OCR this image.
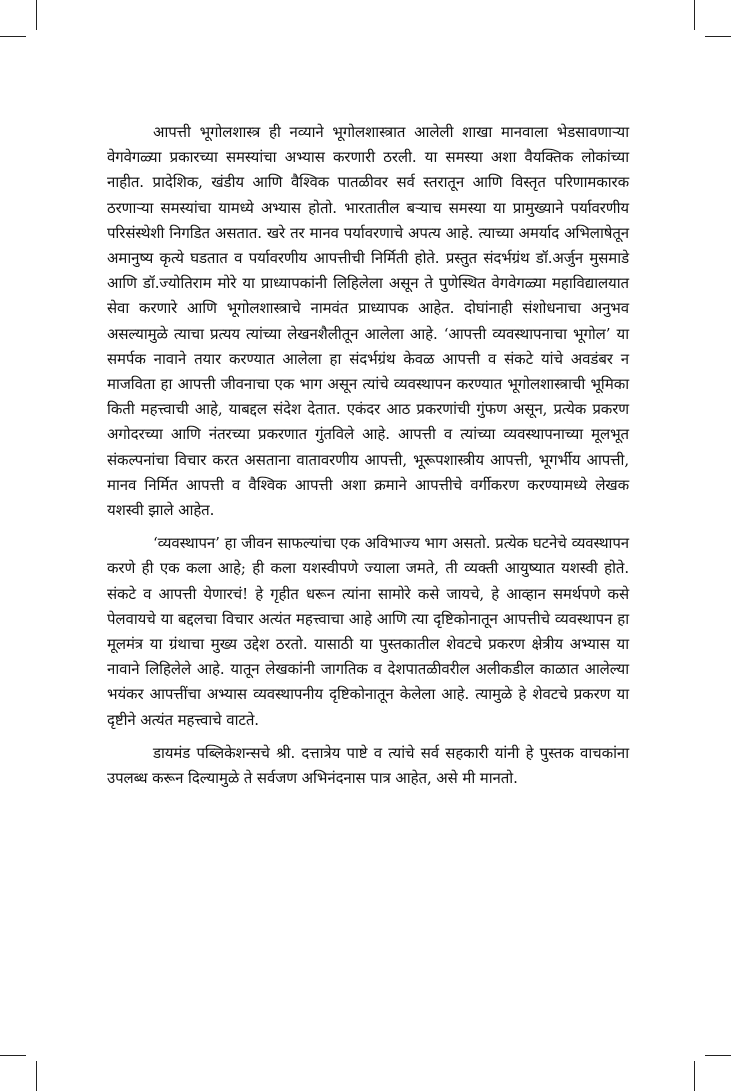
आपत्ती भूगोलशास्त्र ही नव्याने भूगोलशास्त्रात आलेली शाखा मानवाला भेडसावणाऱ्या वेगवेगळ्या प्रकारच्या समस्यांचा अभ्यास करणारी ठरली. या समस्या अशा वैयक्तिक लोकांच्या नाहीत. प्रादेशिक, खंडीय आणि वैश्विक पातळीवर सर्व स्तरातून आणि विस्तृत परिणामकारक ठरणाऱ्या समस्यांचा यामध्ये अभ्यास होतो. भारतातील बऱ्याच समस्या या प्रामुख्याने पर्यावरणीय परिसंस्थेशी निगडित असतात. खरे तर मानव पर्यावरणाचे अपत्य आहे. त्याच्या अमर्याद अभिलाषेतून अमानुष्य कृत्ये घडतात व पर्यावरणीय आपत्तीची निर्मिती होते. प्रस्तुत संदर्भग्रंथ डॉ.अर्जुन मुसमाडे आणि डॉ.ज्योतिराम मोरे या प्राध्यापकांनी लिहिलेला असून ते पुणेस्थित वेगवेगळ्या महाविद्यालयात सेवा करणारे आणि भूगोलशास्त्राचे नामवंत प्राध्यापक आहेत. दोघांनाही संशोधनाचा अनुभव असल्यामुळे त्याचा प्रत्यय त्यांच्या लेखनशैलीतून आलेला आहे. ‘आपत्ती व्यवस्थापनाचा भूगोल’ या समर्पक नावाने तयार करण्यात आलेला हा संदर्भग्रंथ केवळ आपत्ती व संकटे यांचे अवडंबर न माजविता हा आपत्ती जीवनाचा एक भाग असून त्यांचे व्यवस्थापन करण्यात भूगोलशास्त्राची भूमिका किती महत्त्वाची आहे, याबद्दल संदेश देतात. एकंदर आठ प्रकरणांची गुंफण असून, प्रत्येक प्रकरण अगोदरच्या आणि नंतरच्या प्रकरणात गुंतविले आहे. आपत्ती व त्यांच्या व्यवस्थापनाच्या मूलभूत संकल्पनांचा विचार करत असताना वातावरणीय आपत्ती, भूरूपशास्त्रीय आपत्ती, भूगर्भीय आपत्ती, मानव निर्मित आपत्ती व वैश्विक आपत्ती अशा क्रमाने आपत्तीचे वर्गीकरण करण्यामध्ये लेखक यशस्वी झाले आहेत.

‘व्यवस्थापन’ हा जीवन साफल्यांचा एक अविभाज्य भाग असतो. प्रत्येक घटनेचे व्यवस्थापन करणे ही एक कला आहे; ही कला यशस्वीपणे ज्याला जमते, ती व्यक्ती आयुष्यात यशस्वी होते. संकटे व आपत्ती येणारचं! हे गृहीत धरून त्यांना सामोरे कसे जायचे, हे आव्हान समर्थपणे कसे पेलवायचे या बद्दलचा विचार अत्यंत महत्त्वाचा आहे आणि त्या दृष्टिकोनातून आपत्तीचे व्यवस्थापन हा मूलमंत्र या ग्रंथाचा मुख्य उद्देश ठरतो. यासाठी या पुस्तकातील शेवटचे प्रकरण क्षेत्रीय अभ्यास या नावाने लिहिलेले आहे. यातून लेखकांनी जागतिक व देशपातळीवरील अलीकडील काळात आलेल्या भयंकर आपत्तींचा अभ्यास व्यवस्थापनीय दृष्टिकोनातून केलेला आहे. त्यामुळे हे शेवटचे प्रकरण या दृष्टीने अत्यंत महत्त्वाचे वाटते.

डायमंड पब्लिकेशन्सचे श्री. दत्तात्रेय पाष्टे व त्यांचे सर्व सहकारी यांनी हे पुस्तक वाचकांना उपलब्ध करून दिल्यामुळे ते सर्वजण अभिनंदनास पात्र आहेत, असे मी मानतो.
